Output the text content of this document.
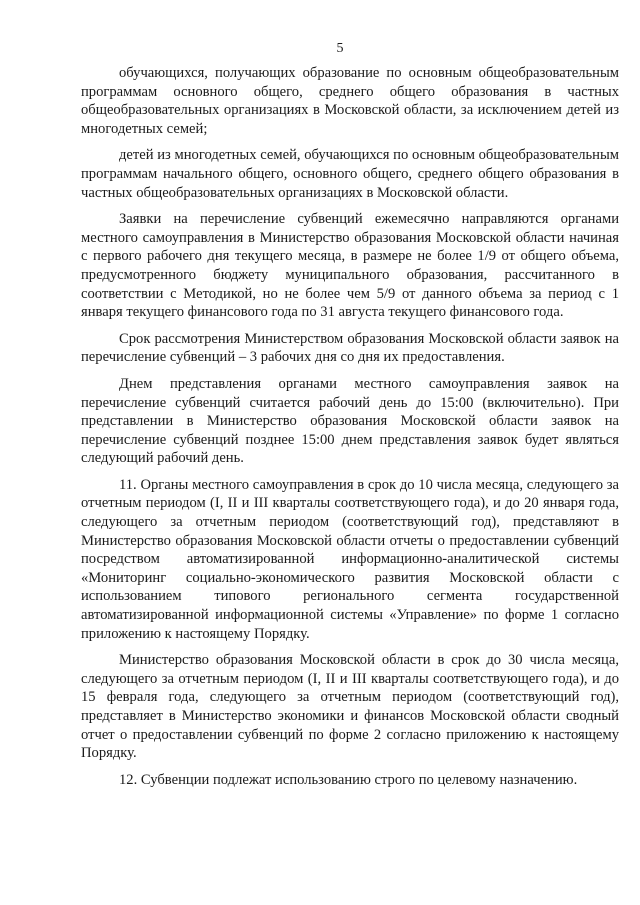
5

обучающихся, получающих образование по основным общеобразовательным программам основного общего, среднего общего образования в частных общеобразовательных организациях в Московской области, за исключением детей из многодетных семей;

детей из многодетных семей, обучающихся по основным общеобразовательным программам начального общего, основного общего, среднего общего образования в частных общеобразовательных организациях в Московской области.

Заявки на перечисление субвенций ежемесячно направляются органами местного самоуправления в Министерство образования Московской области начиная с первого рабочего дня текущего месяца, в размере не более 1/9 от общего объема, предусмотренного бюджету муниципального образования, рассчитанного в соответствии с Методикой, но не более чем 5/9 от данного объема за период с 1 января текущего финансового года по 31 августа текущего финансового года.

Срок рассмотрения Министерством образования Московской области заявок на перечисление субвенций – 3 рабочих дня со дня их предоставления.

Днем представления органами местного самоуправления заявок на перечисление субвенций считается рабочий день до 15:00 (включительно). При представлении в Министерство образования Московской области заявок на перечисление субвенций позднее 15:00 днем представления заявок будет являться следующий рабочий день.

11. Органы местного самоуправления в срок до 10 числа месяца, следующего за отчетным периодом (I, II и III кварталы соответствующего года), и до 20 января года, следующего за отчетным периодом (соответствующий год), представляют в Министерство образования Московской области отчеты о предоставлении субвенций посредством автоматизированной информационно-аналитической системы «Мониторинг социально-экономического развития Московской области с использованием типового регионального сегмента государственной автоматизированной информационной системы «Управление» по форме 1 согласно приложению к настоящему Порядку.

Министерство образования Московской области в срок до 30 числа месяца, следующего за отчетным периодом (I, II и III кварталы соответствующего года), и до 15 февраля года, следующего за отчетным периодом (соответствующий год), представляет в Министерство экономики и финансов Московской области сводный отчет о предоставлении субвенций по форме 2 согласно приложению к настоящему Порядку.

12. Субвенции подлежат использованию строго по целевому назначению.
